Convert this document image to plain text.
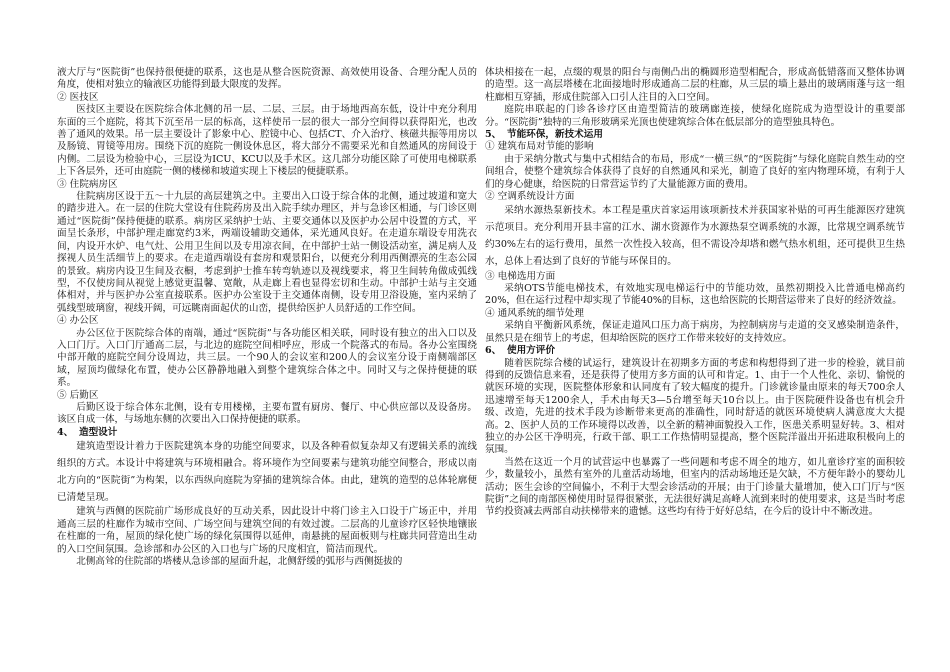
液大厅与“医院街”也保持很便捷的联系，这也是从整合医院资源、高效使用设备、合理分配人员的角度，使相对独立的输液区功能得到最大限度的发挥。

② 医技区

医技区主要设在医院综合体北侧的吊一层、二层、三层。由于场地西高东低，设计中充分利用东面的三个庭院，将其下沉至吊一层的标高，这样使吊一层的很大一部分空间得以获得阳光，也改善了通风的效果。吊一层主要设计了影象中心、腔镜中心、包括CT、介入治疗、核磁共振等用房以及肠镜、胃镜等用房。围绕下沉的庭院一侧设休息区，将大部分不需要采光和自然通风的房间设于内侧。二层设为检验中心，三层设为ICU、KCU以及手术区。这几部分功能区除了可使用电梯联系上下各层外，还可由庭院一侧的楼梯和坡道实现上下楼层的便捷联系。

③ 住院病房区

住院病房区设于五～十九层的高层建筑之中。主要出入口设于综合体的北侧，通过坡道和宽大的踏步进入。在一层的住院大堂设有住院药房及出入院手续办理区，并与急诊区相通，与门诊区则通过“医院街”保持便捷的联系。病房区采纳护士站、主要交通体以及医护办公居中设置的方式，平面呈长条形，中部护理走廊宽约3米，两端设辅助交通体，采光通风良好。在走道东端设专用洗衣间，内设开水炉、电气灶、公用卫生间以及专用凉衣间，在中部护士站一侧设活动室，满足病人及探视人员生活细节上的要求。在走道西端设有套房和观景阳台，以便充分利用西侧漂亮的生态公园的景致。病房内设卫生间及衣橱，考虑到护士推车转弯轨迹以及视线要求，将卫生间转角做成弧线型，不仅使房间从视觉上感觉更温馨、宽敞，从走廊上看也显得宏切和生动。中部护士站与主交通体相对，并与医护办公室直接联系。医护办公室设于主交通体南侧，设专用卫浴设施，室内采纳了弧线型玻璃窗，视线开阔，可远眺南面起伏的山峦，提供给医护人员舒适的工作空间。

④ 办公区

办公区位于医院综合体的南端，通过“医院街”与各功能区相关联，同时设有独立的出入口以及入口门厅。入口门厅通高二层，与北边的庭院空间相呼应，形成一个院落式的布局。各办公室围绕中部开敞的庭院空间分设周边，共三层。一个90人的会议室和200人的会议室分设于南侧端部区域，屋顶均做绿化布置，使办公区静静地融入到整个建筑综合体之中。同时又与之保持便捷的联系。

⑤ 后勤区

后勤区设于综合体东北侧，设有专用楼梯，主要布置有厨房、餐厅、中心供应部以及设备房。该区自成一体，与场地东侧的次要出入口保持便捷的联系。

4、 造型设计

建筑造型设计着力于医院建筑本身的功能空间要求，以及各种看似复杂却又有逻辑关系的流线组织的方式。本设计中将建筑与环境相融合。将环境作为空间要素与建筑功能空间整合，形成以南北方向的“医院街”为构架，以东西纵向庭院为穿插的建筑综合体。由此，建筑的造型的总体轮廓便已清楚呈现。

建筑与西侧的医院前广场形成良好的互动关系，因此设计中将门诊主入口设于广场正中，并用通高三层的柱廊作为城市空间、广场空间与建筑空间的有效过渡。二层高的儿童诊疗区轻快地镶嵌在柱廊的一角，屋顶的绿化使广场的绿化氛围得以延伸，南悬挑的屋面板则与柱廊共同营造出生动的入口空间氛围。急诊部和办公区的入口也与广场的尺度相宜，简洁而现代。

北侧高耸的住院部的塔楼从急诊部的屋面升起，北侧舒缓的弧形与西侧挺拔的

体块相接在一起，点缀的观景的阳台与南侧凸出的椭圆形造型相配合，形成高低错落而又整体协调的造型。这一高层塔楼在北面接地时形成通高二层的柱廊，从三层的墙上悬出的玻璃雨蓬与这一组柱廊相互穿插，形成住院部入口引人注目的入口空间。

庭院串联起的门诊各诊疗区由造型简洁的玻璃廊连接，使绿化庭院成为造型设计的重要部分。“医院街”独特的三角形玻璃采光顶也使建筑综合体在低层部分的造型独具特色。

5、 节能环保，新技术运用

① 建筑布局对节能的影响

由于采纳分散式与集中式相结合的布局，形成“一横三纵”的“医院街”与绿化庭院自然生动的空间组合，使整个建筑综合体获得了良好的自然通风和采光，制造了良好的室内物理环境，有利于人们的身心健康，给医院的日常营运节约了大量能源方面的费用。

② 空调系统设计方面

采纳水源热泵新技术。本工程是重庆首家运用该项新技术并获国家补贴的可再生能源医疗建筑示范项目。充分利用开县丰富的江水、湖水资源作为水源热泵空调系统的水源，比常规空调系统节约30%左右的运行费用，虽然一次性投入较高，但不需设冷却塔和燃气热水机组，还可提供卫生热水，总体上看达到了良好的节能与环保目的。

③ 电梯选用方面

采纳OTS节能电梯技术，有效地实现电梯运行中的节能功效，虽然初期投入比普通电梯高约20%，但在运行过程中却实现了节能40%的目标，这也给医院的长期营运带来了良好的经济效益。

④ 通风系统的细节处理

采纳自平衡新风系统，保证走道风口压力高于病房，为控制病房与走道的交叉感染制造条件，虽然只是在细节上的考虑，但却给医院的医疗工作带来较好的支持效应。

6、 使用方评价

随着医院综合楼的试运行，建筑设计在初期多方面的考虑和构想得到了进一步的检验，就目前得到的反馈信息来看，还是获得了使用方多方面的认可和肯定。1、由于一个人性化、亲切、愉悦的就医环境的实现，医院整体形象和认同度有了较大幅度的提升。门诊就诊量由原来的每天700余人迅速增至每天1200余人，手术由每天3—5台增至每天10台以上。由于医院硬件设备也有机会升级、改造，先进的技术手段为诊断带来更高的准确性，同时舒适的就医环境使病人满意度大大提高。2、医护人员的工作环境得以改善，以全新的精神面貌投入工作，医患关系明显好转。3、相对独立的办公区干净明亮，行政干部、职工工作热情明显提高，整个医院洋溢出开拓进取积极向上的氛围。

当然在这近一个月的试营运中也暴露了一些问题和考虑不周全的地方，如儿童诊疗室的面积较少，数量较小，虽然有室外的儿童活动场地，但室内的活动场地还是欠缺，不方便年龄小的婴幼儿活动；医生会诊的空间偏小，不利于大型会诊活动的开展；由于门诊量大量增加，使入口门厅与“医院街”之间的南部医梯使用时显得很紧张，无法很好满足高峰人流到来时的使用要求，这是当时考虑节约投资减去两部自动扶梯带来的遗憾。这些均有待于好好总结，在今后的设计中不断改进。
